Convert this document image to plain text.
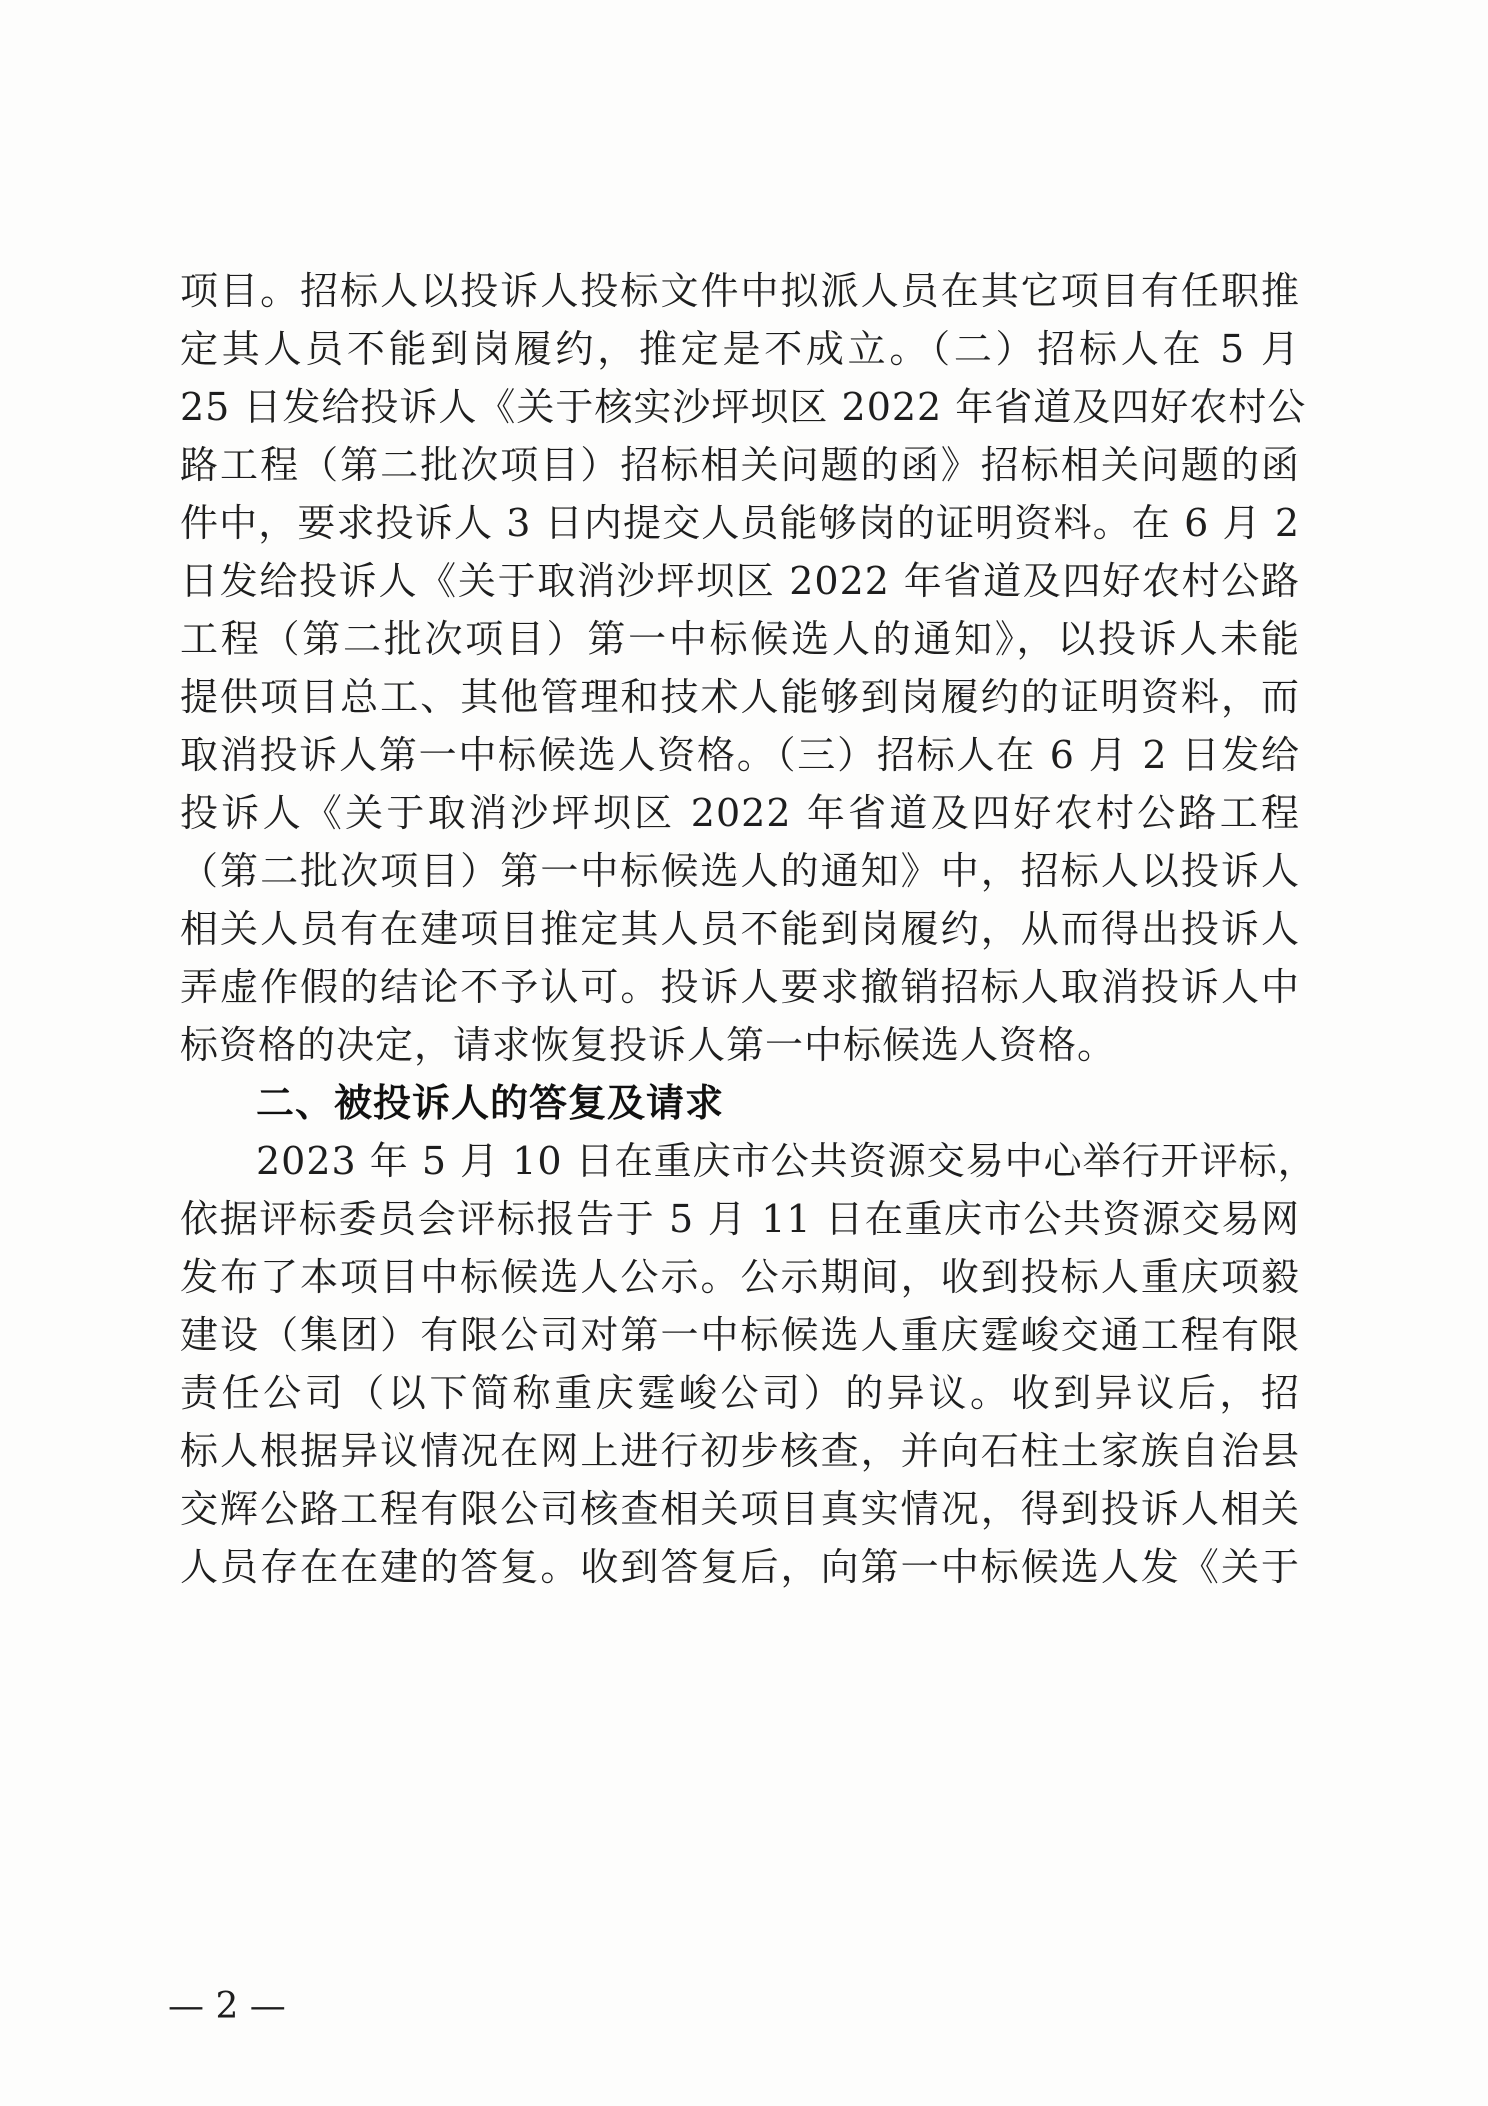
项目。招标人以投诉人投标文件中拟派人员在其它项目有任职推
定其人员不能到岗履约，推定是不成立。（二）招标人在 5 月
25 日发给投诉人《关于核实沙坪坝区 2022 年省道及四好农村公
路工程（第二批次项目）招标相关问题的函》招标相关问题的函
件中，要求投诉人 3 日内提交人员能够岗的证明资料。在 6 月 2
日发给投诉人《关于取消沙坪坝区 2022 年省道及四好农村公路
工程（第二批次项目）第一中标候选人的通知》，以投诉人未能
提供项目总工、其他管理和技术人能够到岗履约的证明资料，而
取消投诉人第一中标候选人资格。（三）招标人在 6 月 2 日发给
投诉人《关于取消沙坪坝区 2022 年省道及四好农村公路工程
（第二批次项目）第一中标候选人的通知》中，招标人以投诉人
相关人员有在建项目推定其人员不能到岗履约，从而得出投诉人
弄虚作假的结论不予认可。投诉人要求撤销招标人取消投诉人中
标资格的决定，请求恢复投诉人第一中标候选人资格。
二、被投诉人的答复及请求
2023 年 5 月 10 日在重庆市公共资源交易中心举行开评标，
依据评标委员会评标报告于 5 月 11 日在重庆市公共资源交易网
发布了本项目中标候选人公示。公示期间，收到投标人重庆项毅
建设（集团）有限公司对第一中标候选人重庆霆峻交通工程有限
责任公司（以下简称重庆霆峻公司）的异议。收到异议后，招
标人根据异议情况在网上进行初步核查，并向石柱土家族自治县
交辉公路工程有限公司核查相关项目真实情况，得到投诉人相关
人员存在在建的答复。收到答复后，向第一中标候选人发《关于
— 2 —
